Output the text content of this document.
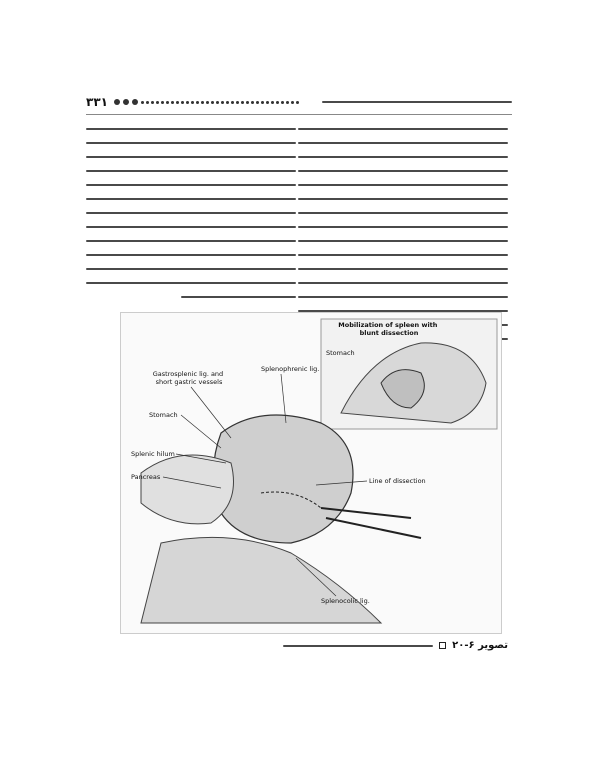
۳۳۱
Mobilization of spleen with blunt dissection
Stomach
Gastrosplenic lig. and short gastric vessels
Splenophrenic lig.
Stomach
Splenic hilum
Pancreas	Line of dissection
Splenocolic lig.
تصویر ۶-۲۰
